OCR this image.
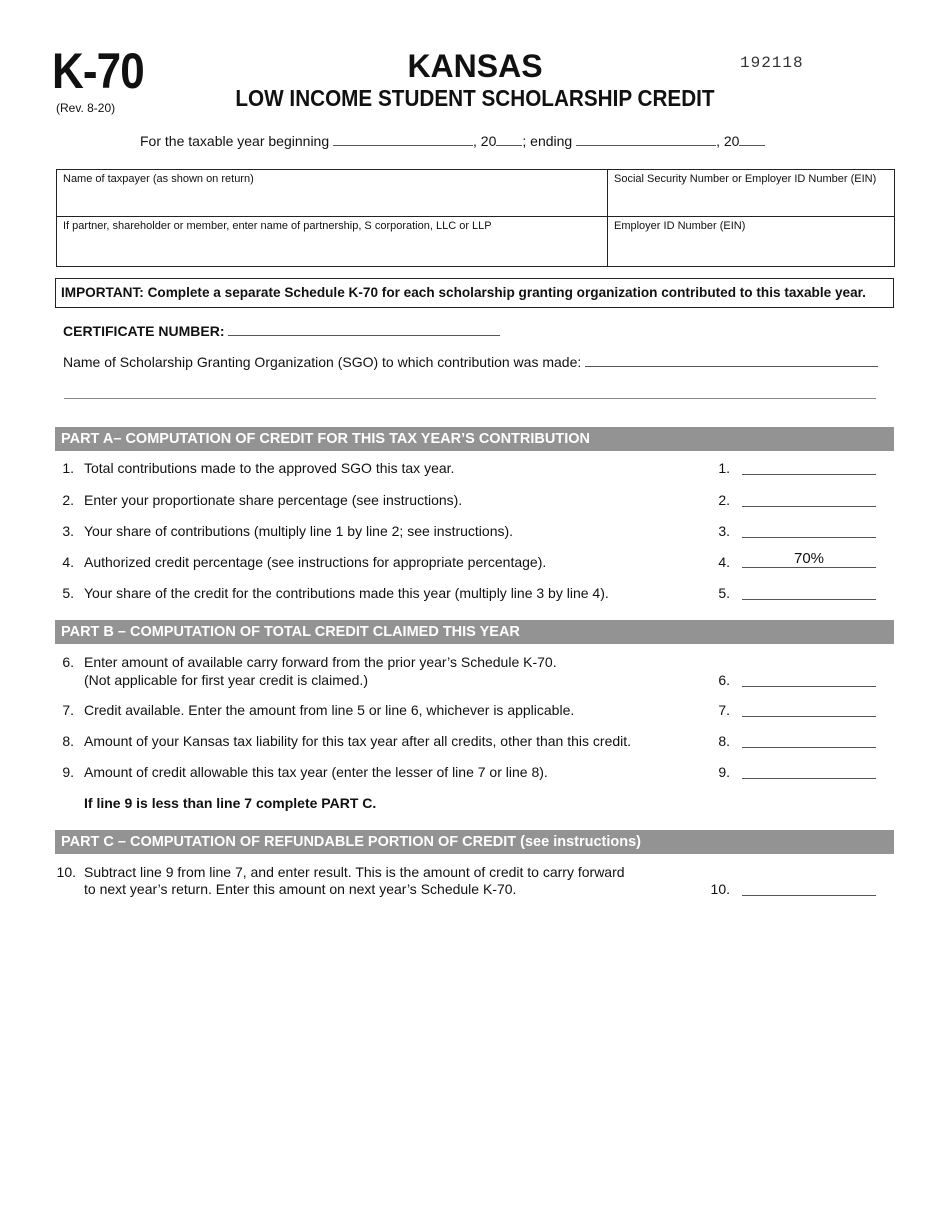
K-70
(Rev. 8-20)
KANSAS
LOW INCOME STUDENT SCHOLARSHIP CREDIT
192118
For the taxable year beginning	, 20 ; ending	, 20
Name of taxpayer (as shown on return)	Social Security Number or Employer ID Number (EIN)
If partner, shareholder or member, enter name of partnership, S corporation, LLC or LLP	Employer ID Number (EIN)
IMPORTANT: Complete a separate Schedule K-70 for each scholarship granting organization contributed to this taxable year.
CERTIFICATE NUMBER:
Name of Scholarship Granting Organization (SGO) to which contribution was made:
PART A– COMPUTATION OF CREDIT FOR THIS TAX YEAR’S CONTRIBUTION
1. Total contributions made to the approved SGO this tax year.	1.
2. Enter your proportionate share percentage (see instructions).	2.
3. Your share of contributions (multiply line 1 by line 2; see instructions).	3.
4. Authorized credit percentage (see instructions for appropriate percentage).	4.	70%
5. Your share of the credit for the contributions made this year (multiply line 3 by line 4).	5.
PART B – COMPUTATION OF TOTAL CREDIT CLAIMED THIS YEAR
6. Enter amount of available carry forward from the prior year’s Schedule K-70.
(Not applicable for first year credit is claimed.)	6.
7. Credit available. Enter the amount from line 5 or line 6, whichever is applicable.	7.
8. Amount of your Kansas tax liability for this tax year after all credits, other than this credit.	8.
9. Amount of credit allowable this tax year (enter the lesser of line 7 or line 8).	9.
If line 9 is less than line 7 complete PART C.
PART C – COMPUTATION OF REFUNDABLE PORTION OF CREDIT (see instructions)
10. Subtract line 9 from line 7, and enter result. This is the amount of credit to carry forward
to next year’s return. Enter this amount on next year’s Schedule K-70.	10.
